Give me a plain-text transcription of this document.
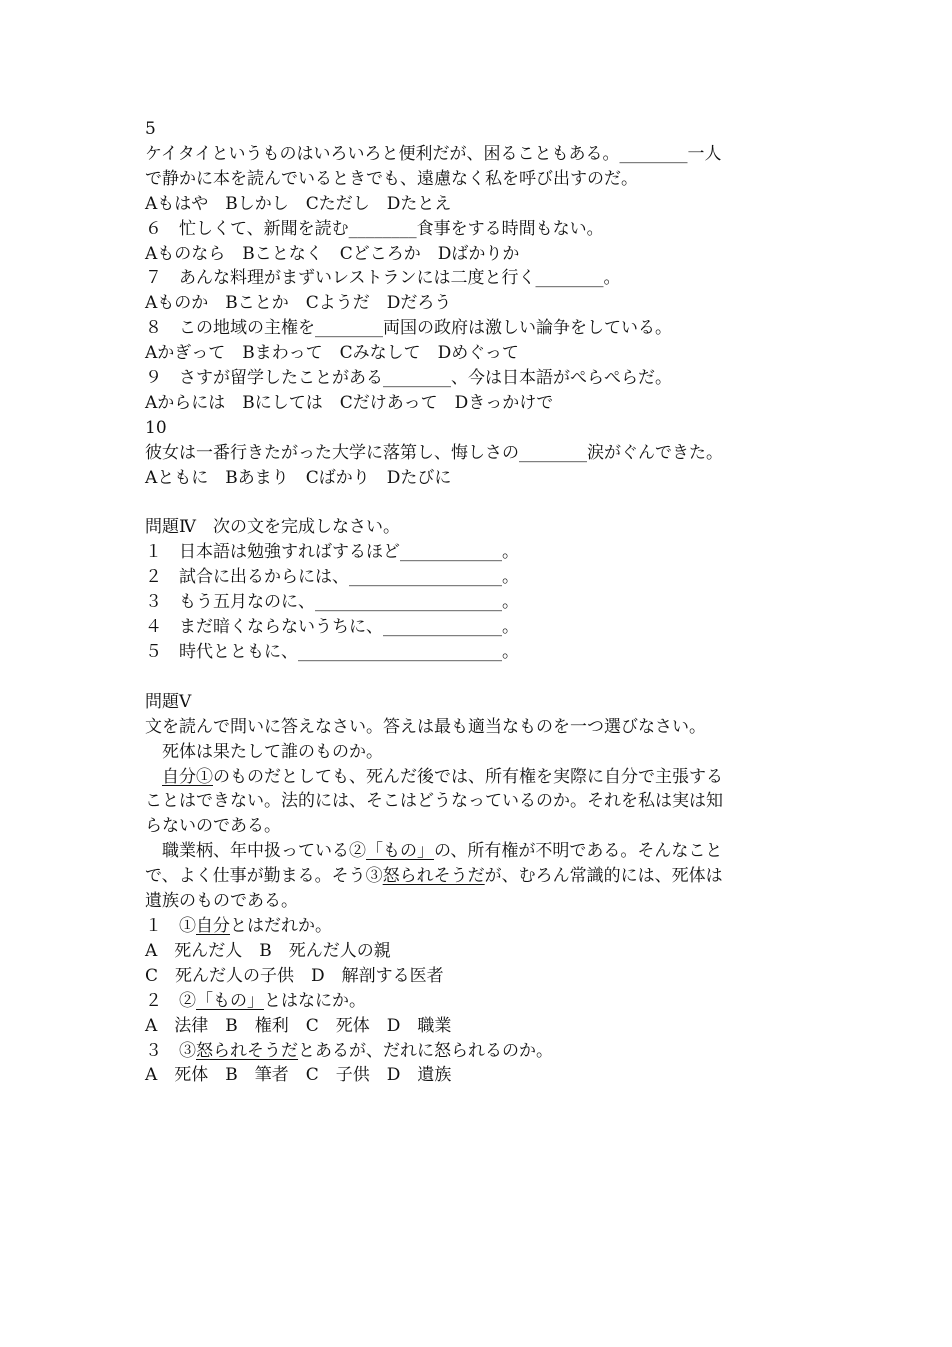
5

ケイタイというものはいろいろと便利だが、困ることもある。________一人

で静かに本を読んでいるときでも、遠慮なく私を呼び出すのだ。

Aもはや　Bしかし　Cただし　Dたとえ

６　忙しくて、新聞を読む________食事をする時間もない。

Aものなら　Bことなく　Cどころか　Dばかりか

７　あんな料理がまずいレストランには二度と行く________。

Aものか　Bことか　Cようだ　Dだろう

８　この地域の主権を________両国の政府は激しい論争をしている。

Aかぎって　Bまわって　Cみなして　Dめぐって

９　さすが留学したことがある________、今は日本語がぺらぺらだ。

Aからには　Bにしては　Cだけあって　Dきっかけで

10

彼女は一番行きたがった大学に落第し、悔しさの________涙がぐんできた。

Aともに　Bあまり　Cばかり　Dたびに

問題Ⅳ　次の文を完成しなさい。

１　日本語は勉強すればするほど____________。

２　試合に出るからには、__________________。

３　もう五月なのに、______________________。

４　まだ暗くならないうちに、______________。

５　時代とともに、________________________。

問題Ⅴ

文を読んで問いに答えなさい。答えは最も適当なものを一つ選びなさい。

　死体は果たして誰のものか。

　自分①のものだとしても、死んだ後では、所有権を実際に自分で主張する

ことはできない。法的には、そこはどうなっているのか。それを私は実は知

らないのである。

　職業柄、年中扱っている②「もの」の、所有権が不明である。そんなこと

で、よく仕事が勤まる。そう③怒られそうだが、むろん常識的には、死体は

遺族のものである。

１　①自分とはだれか。

A　死んだ人　B　死んだ人の親

C　死んだ人の子供　D　解剖する医者

２　②「もの」とはなにか。

A　法律　B　権利　C　死体　D　職業

３　③怒られそうだとあるが、だれに怒られるのか。

A　死体　B　筆者　C　子供　D　遺族
